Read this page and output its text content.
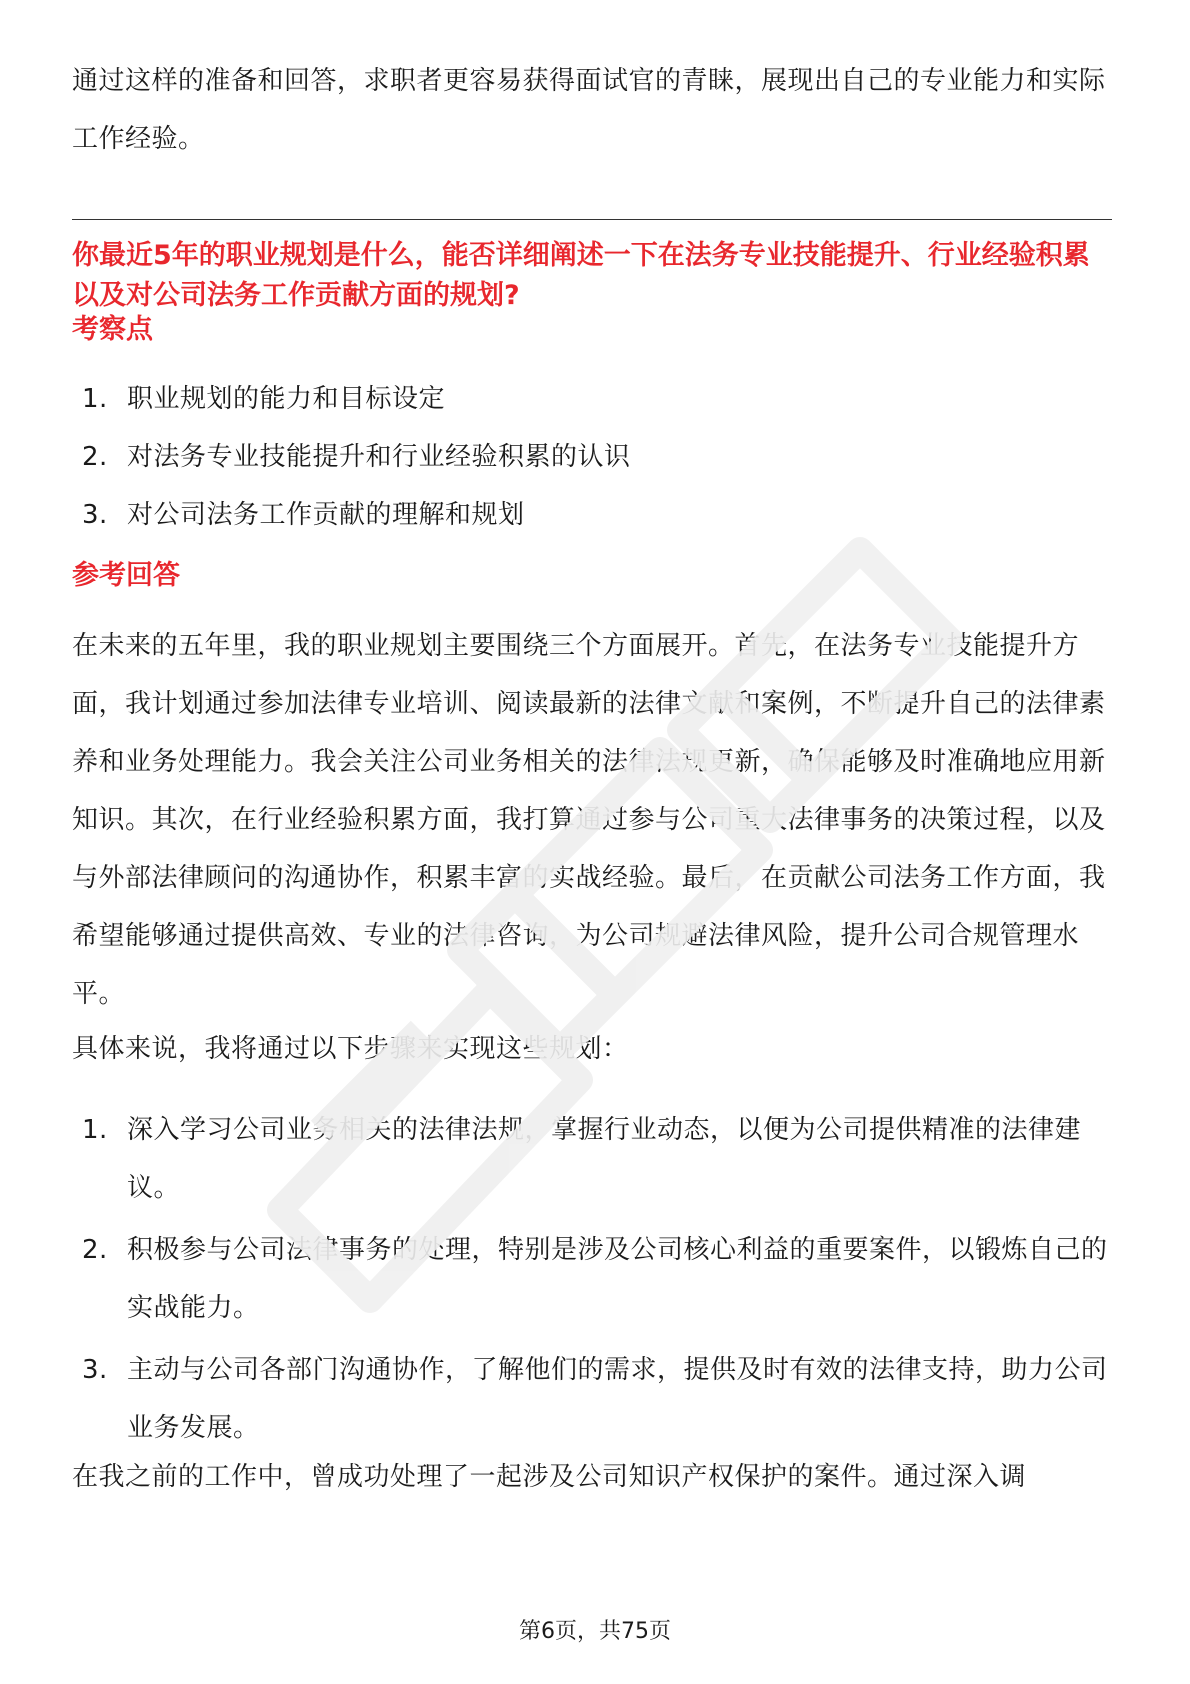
通过这样的准备和回答，求职者更容易获得面试官的青睐，展现出自己的专业能力和实际工作经验。

你最近5年的职业规划是什么，能否详细阐述一下在法务专业技能提升、行业经验积累以及对公司法务工作贡献方面的规划?

考察点

1. 职业规划的能力和目标设定
2. 对法务专业技能提升和行业经验积累的认识
3. 对公司法务工作贡献的理解和规划

参考回答

在未来的五年里，我的职业规划主要围绕三个方面展开。首先，在法务专业技能提升方面，我计划通过参加法律专业培训、阅读最新的法律文献和案例，不断提升自己的法律素养和业务处理能力。我会关注公司业务相关的法律法规更新，确保能够及时准确地应用新知识。其次，在行业经验积累方面，我打算通过参与公司重大法律事务的决策过程，以及与外部法律顾问的沟通协作，积累丰富的实战经验。最后，在贡献公司法务工作方面，我希望能够通过提供高效、专业的法律咨询，为公司规避法律风险，提升公司合规管理水平。

具体来说，我将通过以下步骤来实现这些规划：

1. 深入学习公司业务相关的法律法规，掌握行业动态，以便为公司提供精准的法律建议。
2. 积极参与公司法律事务的处理，特别是涉及公司核心利益的重要案件，以锻炼自己的实战能力。
3. 主动与公司各部门沟通协作，了解他们的需求，提供及时有效的法律支持，助力公司业务发展。

在我之前的工作中，曾成功处理了一起涉及公司知识产权保护的案件。通过深入调

第6页，共75页
